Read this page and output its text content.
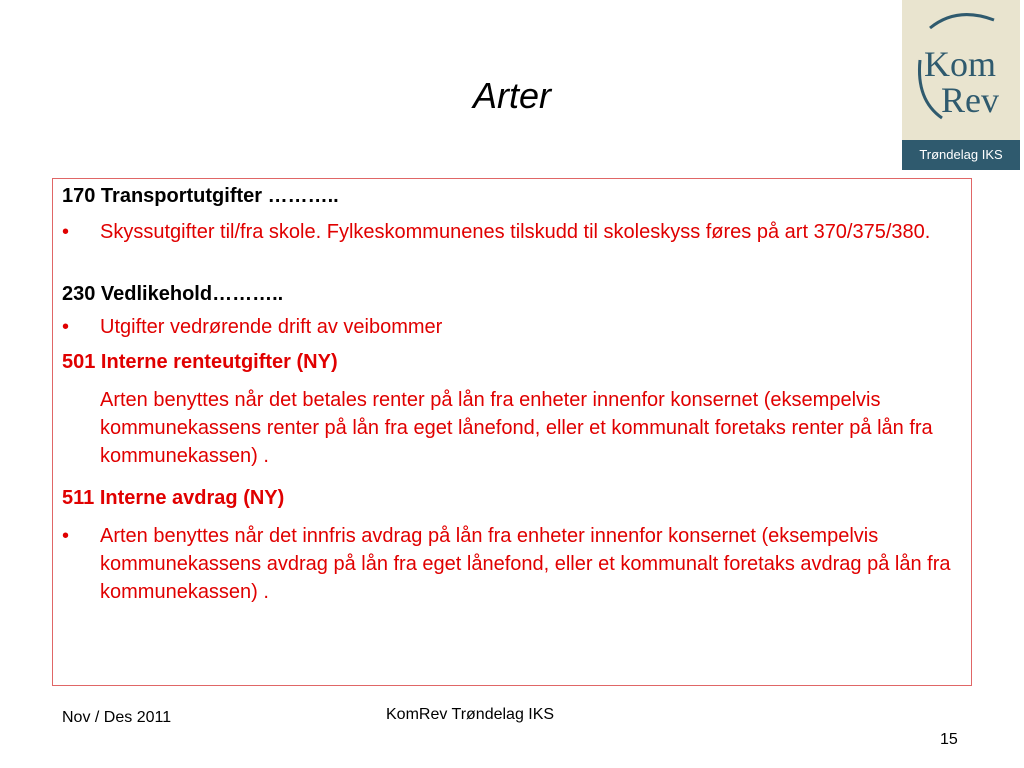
Arter
Kom
Rev
Trøndelag IKS
170 Transportutgifter ………..
• Skyssutgifter til/fra skole. Fylkeskommunenes tilskudd til skoleskyss føres på art 370/375/380.
230 Vedlikehold………..
• Utgifter vedrørende drift av veibommer
501 Interne renteutgifter (NY)
Arten benyttes når det betales renter på lån fra enheter innenfor konsernet (eksempelvis kommunekassens renter på lån fra eget lånefond, eller et kommunalt foretaks renter på lån fra kommunekassen) .
511 Interne avdrag (NY)
• Arten benyttes når det innfris avdrag på lån fra enheter innenfor konsernet (eksempelvis kommunekassens avdrag på lån fra eget lånefond, eller et kommunalt foretaks avdrag på lån fra kommunekassen) .
Nov / Des 2011	KomRev Trøndelag IKS
15
